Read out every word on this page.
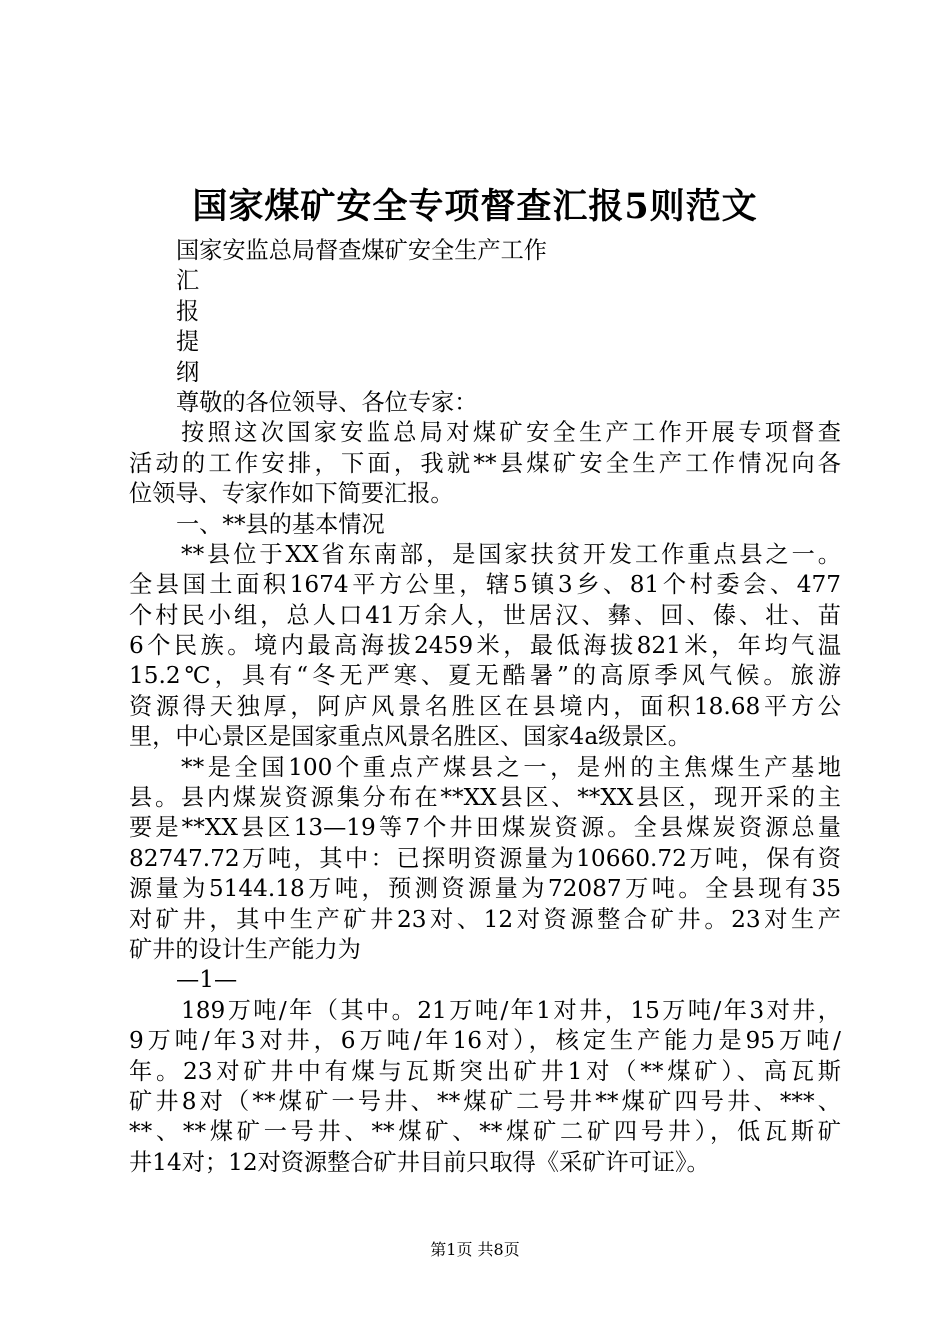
国家煤矿安全专项督查汇报5则范文
国家安监总局督查煤矿安全生产工作
汇
报
提
纲
尊敬的各位领导、各位专家：
按照这次国家安监总局对煤矿安全生产工作开展专项督查
活动的工作安排，下面，我就**县煤矿安全生产工作情况向各
位领导、专家作如下简要汇报。
一、**县的基本情况
**县位于XX省东南部，是国家扶贫开发工作重点县之一。
全县国土面积1674平方公里，辖5镇3乡、81个村委会、477
个村民小组，总人口41万余人，世居汉、彝、回、傣、壮、苗
6个民族。境内最高海拔2459米，最低海拔821米，年均气温
15.2℃，具有“冬无严寒、夏无酷暑”的高原季风气候。旅游
资源得天独厚，阿庐风景名胜区在县境内，面积18.68平方公
里，中心景区是国家重点风景名胜区、国家4a级景区。
**是全国100个重点产煤县之一，是州的主焦煤生产基地
县。县内煤炭资源集分布在**XX县区、**XX县区，现开采的主
要是**XX县区13—19等7个井田煤炭资源。全县煤炭资源总量
82747.72万吨，其中：已探明资源量为10660.72万吨，保有资
源量为5144.18万吨，预测资源量为72087万吨。全县现有35
对矿井，其中生产矿井23对、12对资源整合矿井。23对生产
矿井的设计生产能力为
—1—
189万吨/年（其中。21万吨/年1对井，15万吨/年3对井，
9万吨/年3对井，6万吨/年16对），核定生产能力是95万吨/
年。23对矿井中有煤与瓦斯突出矿井1对（**煤矿）、高瓦斯
矿井8对（**煤矿一号井、**煤矿二号井**煤矿四号井、***、
**、**煤矿一号井、**煤矿、**煤矿二矿四号井），低瓦斯矿
井14对；12对资源整合矿井目前只取得《采矿许可证》。
第1页 共8页
